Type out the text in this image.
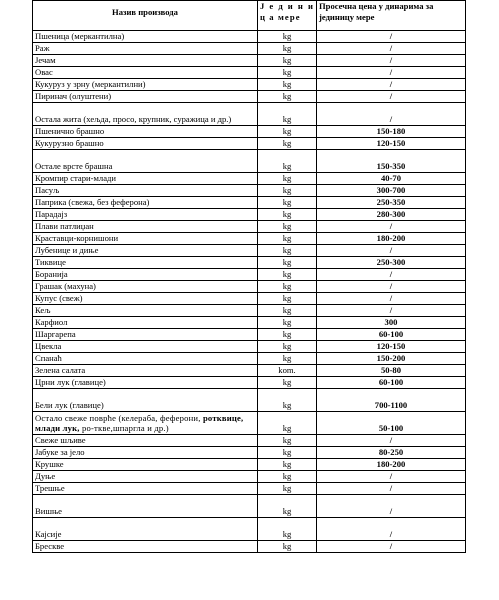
Назив производа	Ј е д и н и ц а мере	Просечна цена у динарима за јединицу мере
Пшеница (меркантилна)	kg	/
Раж	kg	/
Јечам	kg	/
Овас	kg	/
Кукуруз у зрну (меркантилни)	kg	/
Пиринач (олуштени)	kg	/
Остала жита (хељда, просо, крупник, суражица и др.)	kg	/
Пшенично брашно	kg	150-180
Кукурузно брашно	kg	120-150
Остале врсте брашна	kg	150-350
Кромпир стари-млади	kg	40-70
Пасуљ	kg	300-700
Паприка (свежа, без феферона)	kg	250-350
Парадајз	kg	280-300
Плави патлиџан	kg	/
Краставци-корнишони	kg	180-200
Лубенице и диње	kg	/
Тиквице	kg	250-300
Боранија	kg	/
Грашак (махуна)	kg	/
Купус (свеж)	kg	/
Кељ	kg	/
Карфиол	kg	300
Шаргарепа	kg	60-100
Цвекла	kg	120-150
Спанаћ	kg	150-200
Зелена салата	kom.	50-80
Црни лук (главице)	kg	60-100
Бели лук (главице)	kg	700-1100
Остало свеже поврће (келераба, феферони, ротквице, млади лук, ро-ткве,шпаргла и др.)	kg	50-100
Свеже шљиве	kg	/
Јабуке за јело	kg	80-250
Крушке	kg	180-200
Дуње	kg	/
Трешње	kg	/
Вишње	kg	/
Кајсије	kg	/
Брескве	kg	/
